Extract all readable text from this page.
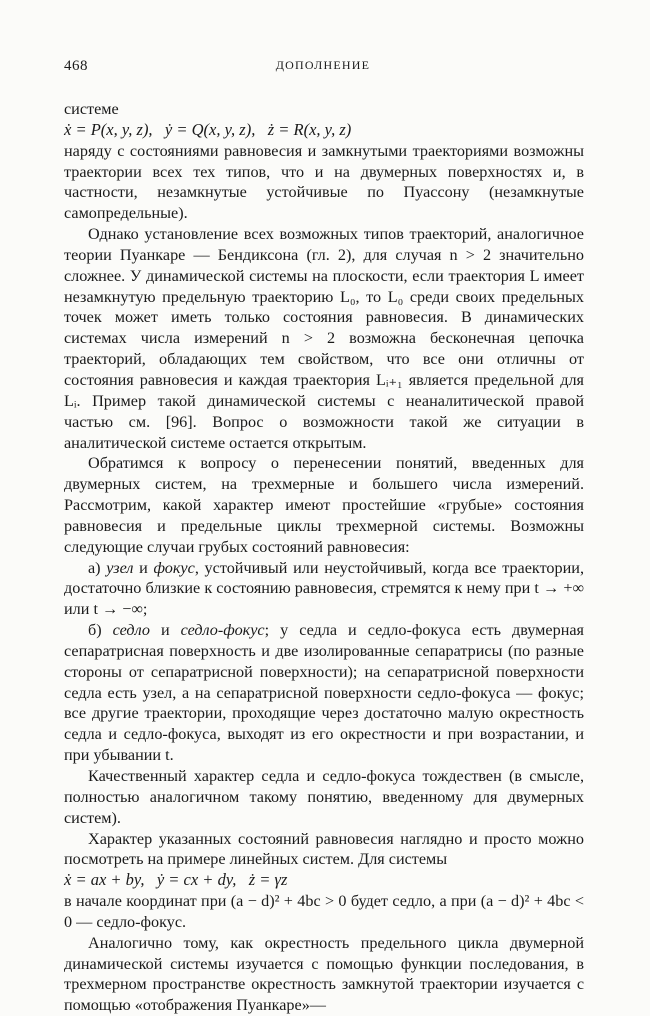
468	ДОПОЛНЕНИЕ

системе

ẋ = P(x, y, z),   ẏ = Q(x, y, z),   ż = R(x, y, z)

наряду с состояниями равновесия и замкнутыми траекториями возможны траектории всех тех типов, что и на двумерных поверхностях и, в частности, незамкнутые устойчивые по Пуассону (незамкнутые самопредельные).

Однако установление всех возможных типов траекторий, аналогичное теории Пуанкаре — Бендиксона (гл. 2), для случая n > 2 значительно сложнее. У динамической системы на плоскости, если траектория L имеет незамкнутую предельную траекторию L₀, то L₀ среди своих предельных точек может иметь только состояния равновесия. В динамических системах числа измерений n > 2 возможна бесконечная цепочка траекторий, обладающих тем свойством, что все они отличны от состояния равновесия и каждая траектория Lᵢ₊₁ является предельной для Lᵢ. Пример такой динамической системы с неаналитической правой частью см. [96]. Вопрос о возможности такой же ситуации в аналитической системе остается открытым.

Обратимся к вопросу о перенесении понятий, введенных для двумерных систем, на трехмерные и большего числа измерений. Рассмотрим, какой характер имеют простейшие «грубые» состояния равновесия и предельные циклы трехмерной системы. Возможны следующие случаи грубых состояний равновесия:

а) узел и фокус, устойчивый или неустойчивый, когда все траектории, достаточно близкие к состоянию равновесия, стремятся к нему при t → +∞ или t → −∞;

б) седло и седло-фокус; у седла и седло-фокуса есть двумерная сепаратрисная поверхность и две изолированные сепаратрисы (по разные стороны от сепаратрисной поверхности); на сепаратрисной поверхности седла есть узел, а на сепаратрисной поверхности седло-фокуса — фокус; все другие траектории, проходящие через достаточно малую окрестность седла и седло-фокуса, выходят из его окрестности и при возрастании, и при убывании t.

Качественный характер седла и седло-фокуса тождествен (в смысле, полностью аналогичном такому понятию, введенному для двумерных систем).

Характер указанных состояний равновесия наглядно и просто можно посмотреть на примере линейных систем. Для системы

ẋ = ax + by,   ẏ = cx + dy,   ż = γz

в начале координат при (a − d)² + 4bc > 0 будет седло, а при (a − d)² + 4bc < 0 — седло-фокус.

Аналогично тому, как окрестность предельного цикла двумерной динамической системы изучается с помощью функции последования, в трехмерном пространстве окрестность замкнутой траектории изучается с помощью «отображения Пуанкаре»—
